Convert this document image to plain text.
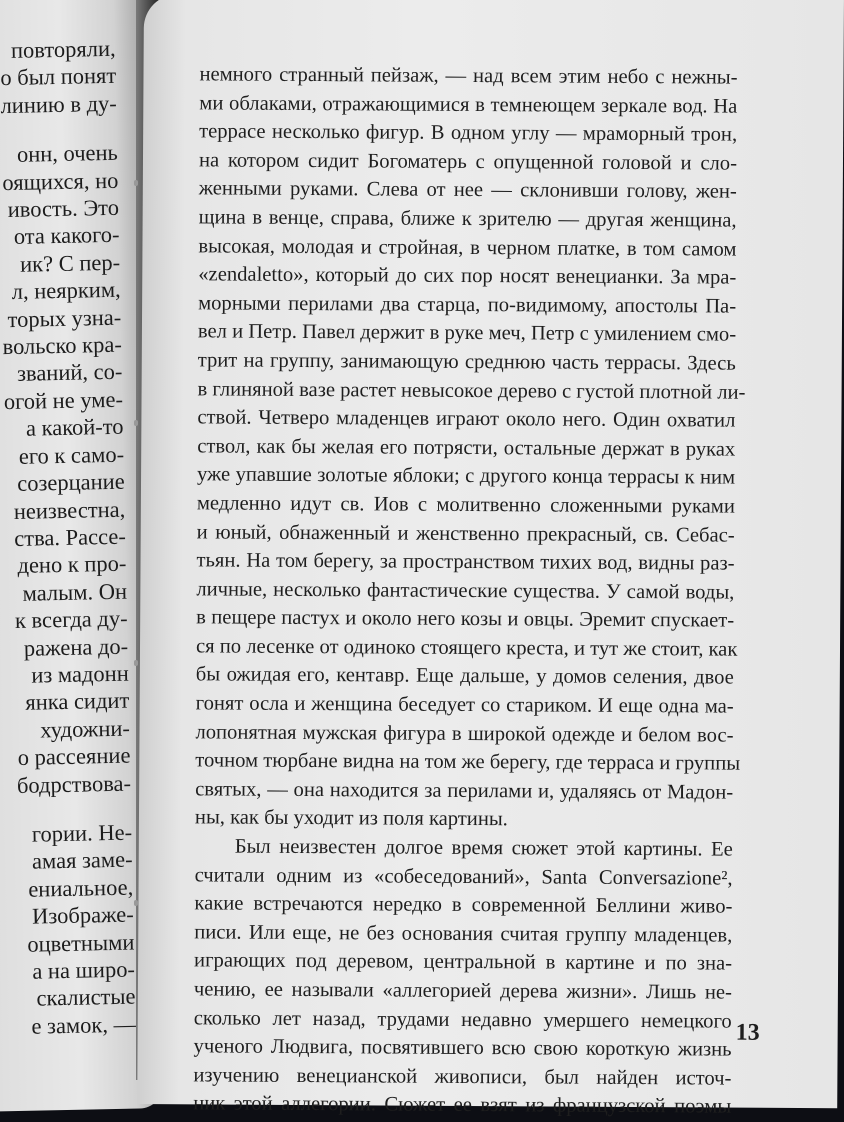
повторяли,
о был понят
линию в ду-
онн, очень
оящихся, но
ивость. Это
ота какого-
ик? С пер-
л, неярким,
торых узна-
вольско кра-
званий, со-
огой не уме-
а какой-то
его к само-
созерцание
неизвестна,
ства. Рассе-
дено к про-
малым. Он
к всегда ду-
ражена до-
из мадонн
янка сидит
художни-
о рассеяние
бодрствова-
гории. Не-
амая заме-
ениальное,
Изображе-
оцветными
а на широ-
скалистые
е замок, —
немного странный пейзаж, — над всем этим небо с нежны-
ми облаками, отражающимися в темнеющем зеркале вод. На
террасе несколько фигур. В одном углу — мраморный трон,
на котором сидит Богоматерь с опущенной головой и сло-
женными руками. Слева от нее — склонивши голову, жен-
щина в венце, справа, ближе к зрителю — другая женщина,
высокая, молодая и стройная, в черном платке, в том самом
«zendaletto», который до сих пор носят венецианки. За мра-
морными перилами два старца, по-видимому, апостолы Па-
вел и Петр. Павел держит в руке меч, Петр с умилением смо-
трит на группу, занимающую среднюю часть террасы. Здесь
в глиняной вазе растет невысокое дерево с густой плотной ли-
ствой. Четверо младенцев играют около него. Один охватил
ствол, как бы желая его потрясти, остальные держат в руках
уже упавшие золотые яблоки; с другого конца террасы к ним
медленно идут св. Иов с молитвенно сложенными руками
и юный, обнаженный и женственно прекрасный, св. Себас-
тьян. На том берегу, за пространством тихих вод, видны раз-
личные, несколько фантастические существа. У самой воды,
в пещере пастух и около него козы и овцы. Эремит спускает-
ся по лесенке от одиноко стоящего креста, и тут же стоит, как
бы ожидая его, кентавр. Еще дальше, у домов селения, двое
гонят осла и женщина беседует со стариком. И еще одна ма-
лопонятная мужская фигура в широкой одежде и белом вос-
точном тюрбане видна на том же берегу, где терраса и группы
святых, — она находится за перилами и, удаляясь от Мадон-
ны, как бы уходит из поля картины.
Был неизвестен долгое время сюжет этой картины. Ее
считали одним из «собеседований», Santa Conversazione²,
какие встречаются нередко в современной Беллини живо-
писи. Или еще, не без основания считая группу младенцев,
играющих под деревом, центральной в картине и по зна-
чению, ее называли «аллегорией дерева жизни». Лишь не-
сколько лет назад, трудами недавно умершего немецкого
ученого Людвига, посвятившего всю свою короткую жизнь
изучению венецианской живописи, был найден источ-
ник этой аллегории. Сюжет ее взят из французской поэмы
13
